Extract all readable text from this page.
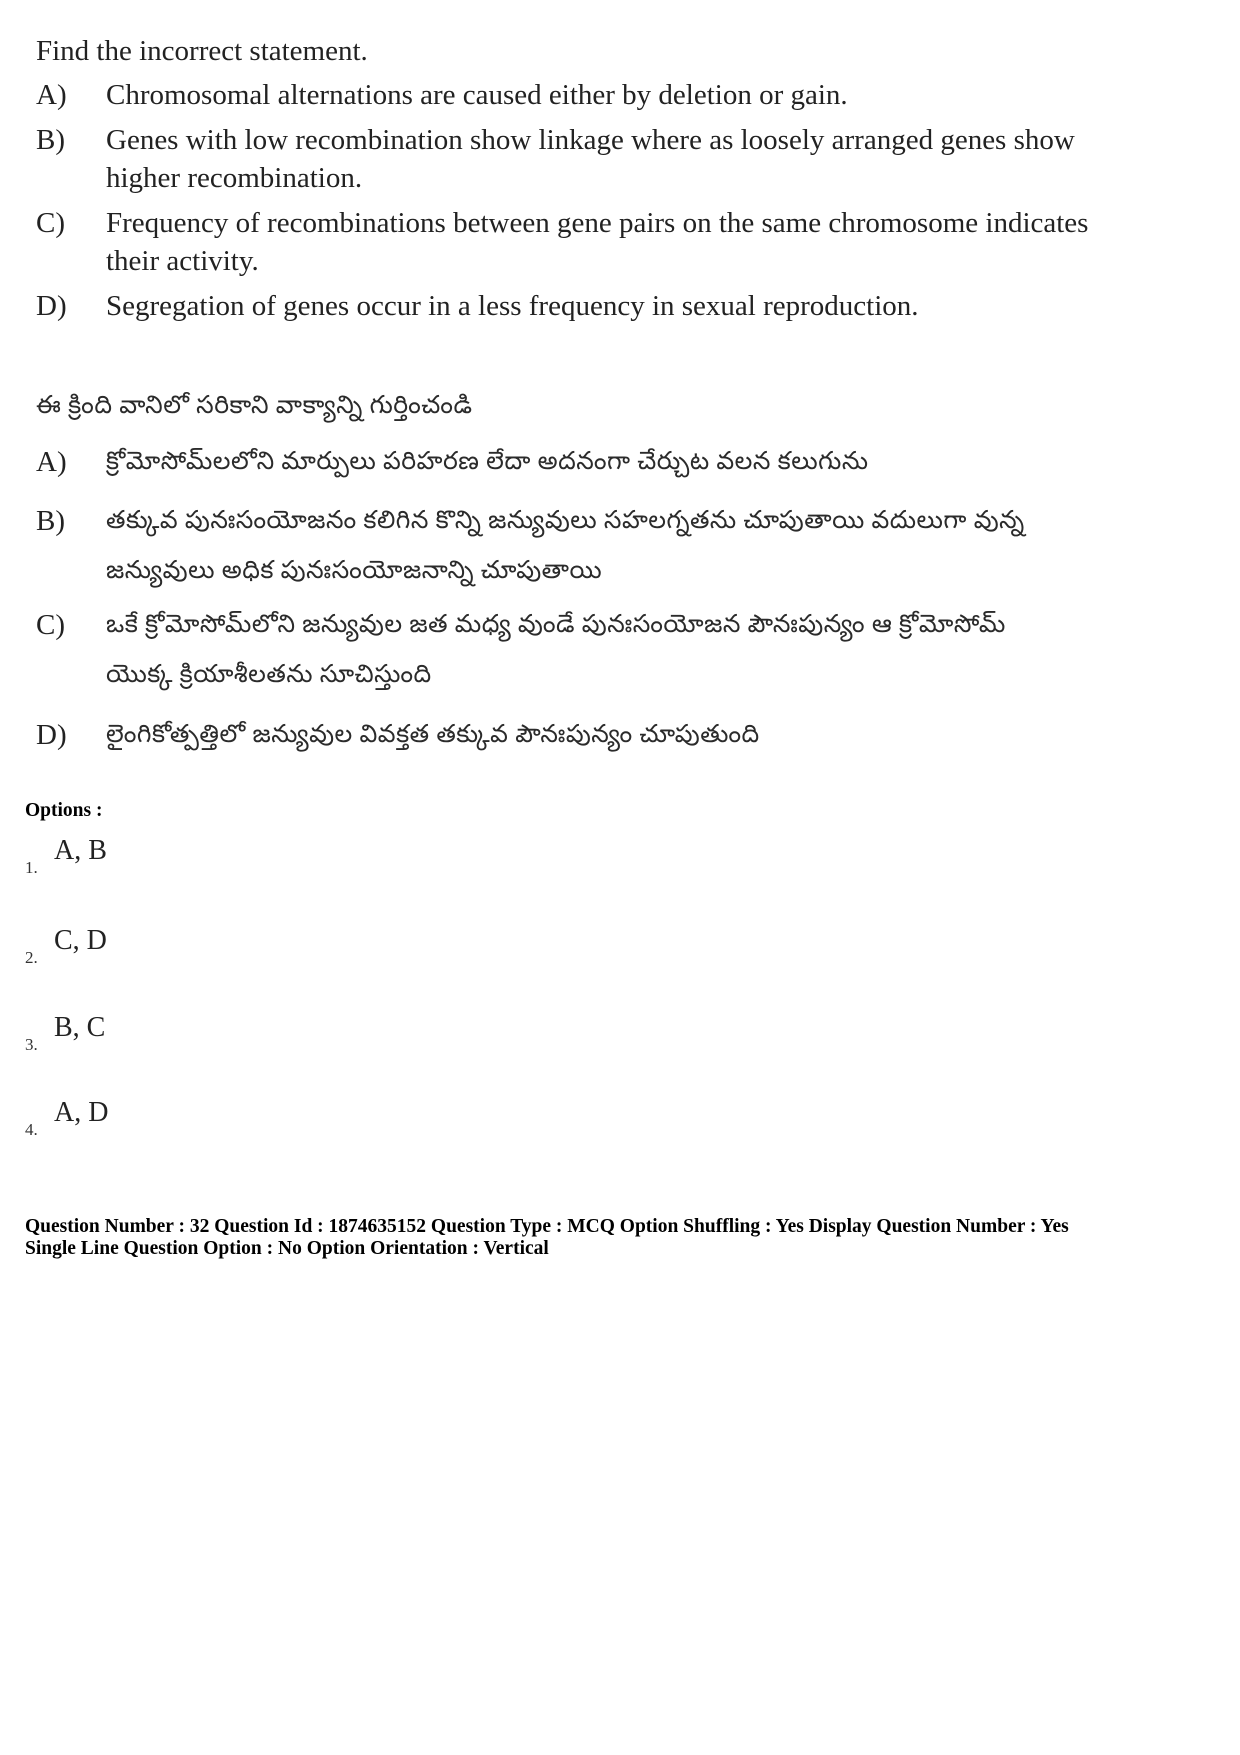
Find the incorrect statement.
A) Chromosomal alternations are caused either by deletion or gain.
B) Genes with low recombination show linkage where as loosely arranged genes show
higher recombination.
C) Frequency of recombinations between gene pairs on the same chromosome indicates
their activity.
D) Segregation of genes occur in a less frequency in sexual reproduction.
ఈ క్రింది వానిలో సరికాని వాక్యాన్ని గుర్తించండి
A) క్రోమోసోమ్‌లలోని మార్పులు పరిహరణ లేదా అదనంగా చేర్చుట వలన కలుగును
B) తక్కువ పునఃసంయోజనం కలిగిన కొన్ని జన్యువులు సహలగ్నతను చూపుతాయి వదులుగా వున్న
జన్యువులు అధిక పునఃసంయోజనాన్ని చూపుతాయి
C) ఒకే క్రోమోసోమ్‌లోని జన్యువుల జత మధ్య వుండే పునఃసంయోజన పౌనఃపున్యం ఆ క్రోమోసోమ్
యొక్క క్రియాశీలతను సూచిస్తుంది
D) లైంగికోత్పత్తిలో జన్యువుల వివక్తత తక్కువ పౌనఃపున్యం చూపుతుంది
Options :
1.
A, B
2.
C, D
3.
B, C
4.
A, D
Question Number : 32 Question Id : 1874635152 Question Type : MCQ Option Shuffling : Yes Display Question Number : Yes
Single Line Question Option : No Option Orientation : Vertical
